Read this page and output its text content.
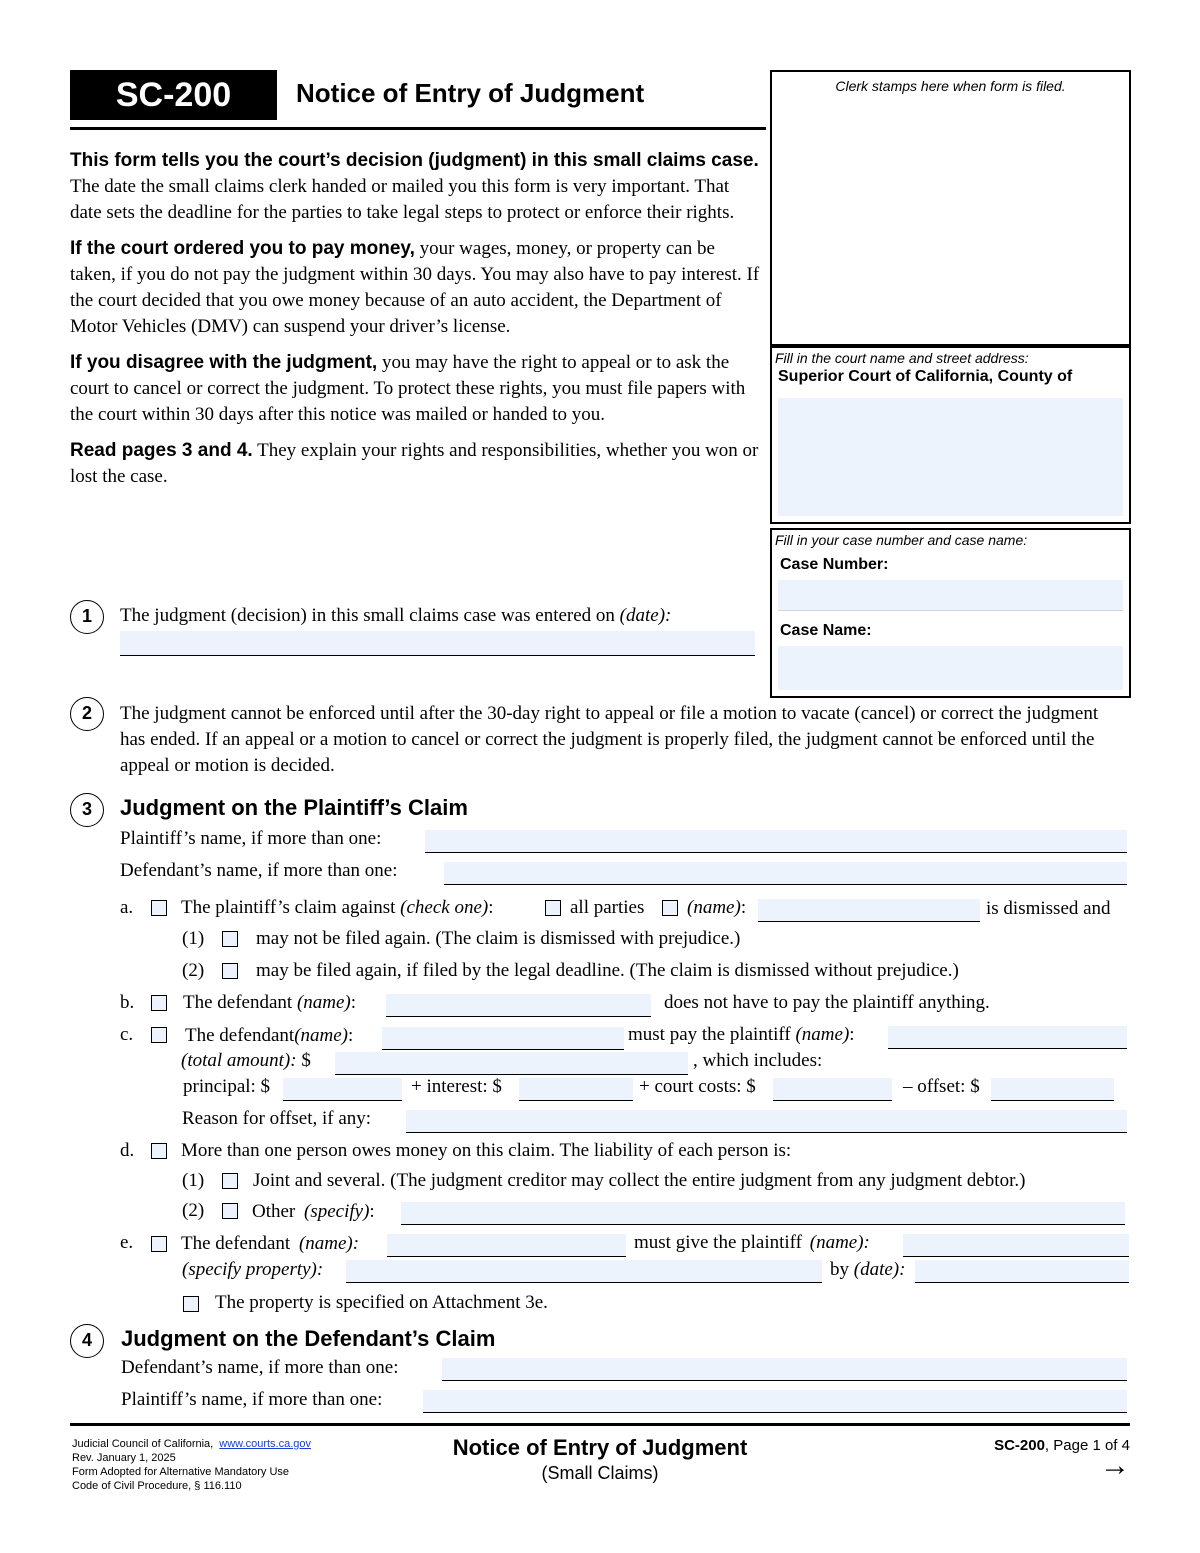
SC-200	Notice of Entry of Judgment	Clerk stamps here when form is filed.
Fill in the court name and street address:
Superior Court of California, County of
Fill in your case number and case name:
Case Number:
Case Name:

This form tells you the court’s decision (judgment) in this small claims case. The date the small claims clerk handed or mailed you this form is very important. That date sets the deadline for the parties to take legal steps to protect or enforce their rights.

If the court ordered you to pay money, your wages, money, or property can be taken, if you do not pay the judgment within 30 days. You may also have to pay interest. If the court decided that you owe money because of an auto accident, the Department of Motor Vehicles (DMV) can suspend your driver’s license.

If you disagree with the judgment, you may have the right to appeal or to ask the court to cancel or correct the judgment. To protect these rights, you must file papers with the court within 30 days after this notice was mailed or handed to you.

Read pages 3 and 4. They explain your rights and responsibilities, whether you won or lost the case.

1	The judgment (decision) in this small claims case was entered on (date):
2	The judgment cannot be enforced until after the 30-day right to appeal or file a motion to vacate (cancel) or correct the judgment has ended. If an appeal or a motion to cancel or correct the judgment is properly filed, the judgment cannot be enforced until the appeal or motion is decided.
3	Judgment on the Plaintiff’s Claim
Plaintiff’s name, if more than one:
Defendant’s name, if more than one:
a.	The plaintiff’s claim against (check one):	all parties (name):	is dismissed and
(1)	may not be filed again. (The claim is dismissed with prejudice.)
(2)	may be filed again, if filed by the legal deadline. (The claim is dismissed without prejudice.)
b.	The defendant (name):	does not have to pay the plaintiff anything.
c.	The defendant(name):	must pay the plaintiff (name):
(total amount): $	, which includes:
principal: $	+ interest: $	+ court costs: $	– offset: $
Reason for offset, if any:
d. More than one person owes money on this claim. The liability of each person is:
(1)	Joint and several. (The judgment creditor may collect the entire judgment from any judgment debtor.)
(2)	Other (specify):
e.	The defendant (name):	must give the plaintiff (name):
(specify property):	by (date):
The property is specified on Attachment 3e.
4	Judgment on the Defendant’s Claim
Defendant’s name, if more than one:
Plaintiff’s name, if more than one:
Judicial Council of California, www.courts.ca.gov
Rev. January 1, 2025
Form Adopted for Alternative Mandatory Use
Code of Civil Procedure, § 116.110
Notice of Entry of Judgment
(Small Claims)
SC-200, Page 1 of 4
→
